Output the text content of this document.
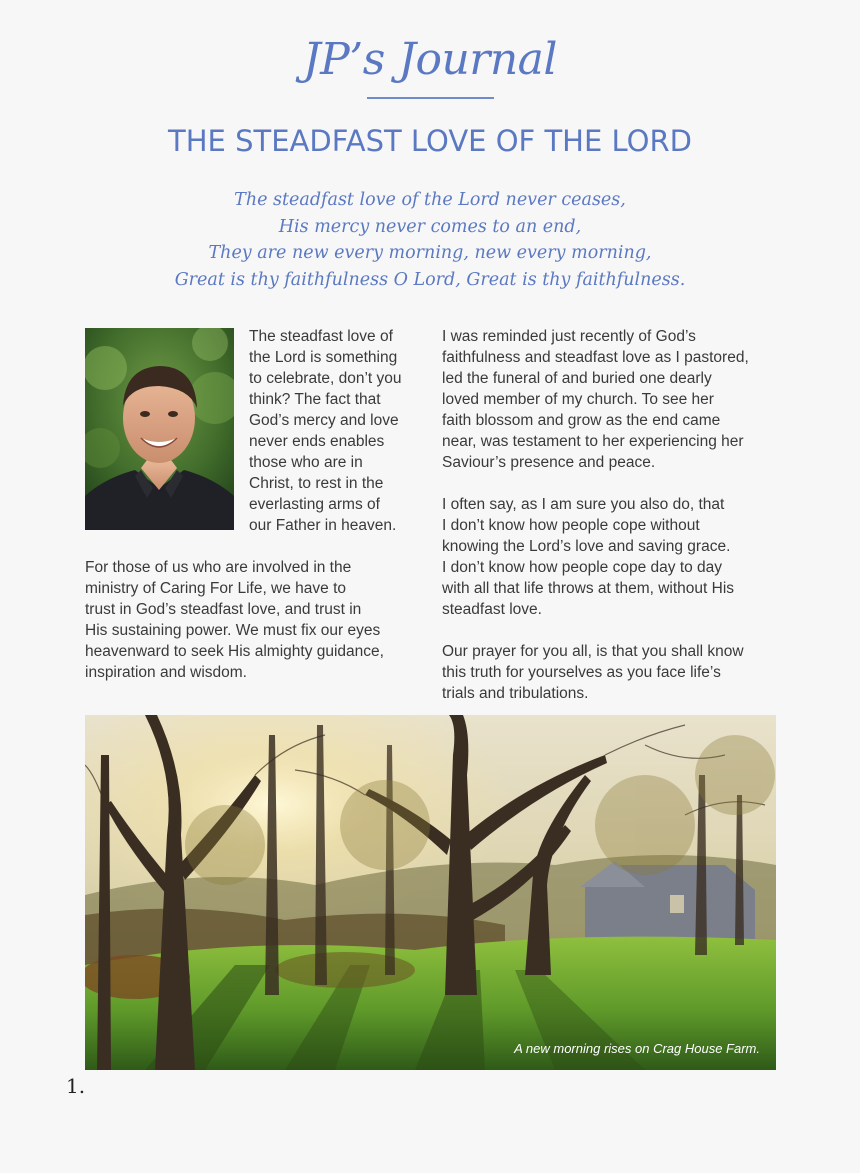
JP’s Journal
THE STEADFAST LOVE OF THE LORD
The steadfast love of the Lord never ceases,
His mercy never comes to an end,
They are new every morning, new every morning,
Great is thy faithfulness O Lord, Great is thy faithfulness.
The steadfast love of
the Lord is something
to celebrate, don’t you
think? The fact that
God’s mercy and love
never ends enables
those who are in
Christ, to rest in the
everlasting arms of
our Father in heaven.
For those of us who are involved in the
ministry of Caring For Life, we have to
trust in God’s steadfast love, and trust in
His sustaining power. We must fix our eyes
heavenward to seek His almighty guidance,
inspiration and wisdom.
I was reminded just recently of God’s
faithfulness and steadfast love as I pastored,
led the funeral of and buried one dearly
loved member of my church. To see her
faith blossom and grow as the end came
near, was testament to her experiencing her
Saviour’s presence and peace.
I often say, as I am sure you also do, that
I don’t know how people cope without
knowing the Lord’s love and saving grace.
I don’t know how people cope day to day
with all that life throws at them, without His
steadfast love.
Our prayer for you all, is that you shall know
this truth for yourselves as you face life’s
trials and tribulations.
A new morning rises on Crag House Farm.
1.
